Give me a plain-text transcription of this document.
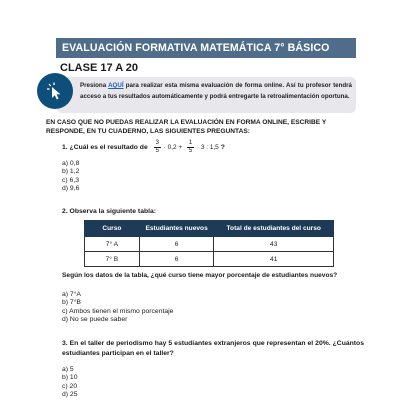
EVALUACIÓN FORMATIVA MATEMÁTICA 7° BÁSICO
CLASE 17 A 20
Presiona AQUÍ para realizar esta misma evaluación de forma online. Así tu profesor tendrá acceso a tus resultados automáticamente y podrá entregarte la retroalimentación oportuna.
EN CASO QUE NO PUEDAS REALIZAR LA EVALUACIÓN EN FORMA ONLINE, ESCRIBE Y RESPONDE, EN TU CUADERNO, LAS SIGUIENTES PREGUNTAS:
1. ¿Cuál es el resultado de $\frac{3}{5} \cdot 0,2 + \frac{1}{5} \cdot 3$ : 1,5 ?
a) 0,8
b) 1,2
c) 6,3
d) 9,6
2. Observa la siguiente tabla:
Curso	Estudiantes nuevos	Total de estudiantes del curso
7° A	6	43
7° B	6	41
Según los datos de la tabla, ¿qué curso tiene mayor porcentaje de estudiantes nuevos?
a) 7°A
b) 7°B
c) Ambos tienen el mismo porcentaje
d) No se puede saber
3. En el taller de periodismo hay 5 estudiantes extranjeros que representan el 20%. ¿Cuántos estudiantes participan en el taller?
a) 5
b) 10
c) 20
d) 25
